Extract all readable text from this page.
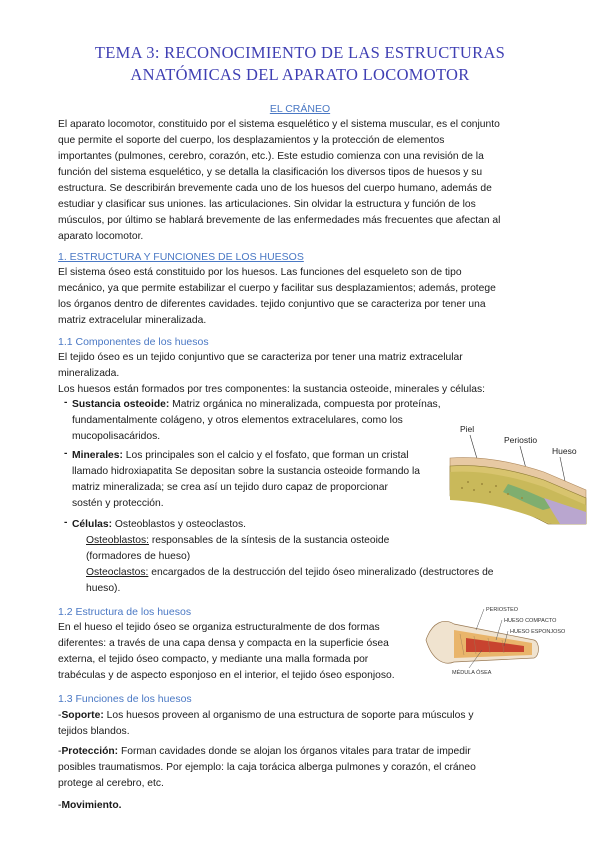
TEMA 3: RECONOCIMIENTO DE LAS ESTRUCTURAS
ANATÓMICAS DEL APARATO LOCOMOTOR
EL CRÁNEO

El aparato locomotor, constituido por el sistema esquelético y el sistema muscular, es el conjunto

que permite el soporte del cuerpo, los desplazamientos y la protección de elementos

importantes (pulmones, cerebro, corazón, etc.). Este estudio comienza con una revisión de la

función del sistema esquelético, y se detalla la clasificación los diversos tipos de huesos y su

estructura. Se describirán brevemente cada uno de los huesos del cuerpo humano, además de

estudiar y clasificar sus uniones. las articulaciones. Sin olvidar la estructura y función de los

músculos, por último se hablará brevemente de las enfermedades más frecuentes que afectan al

aparato locomotor.

1. ESTRUCTURA Y FUNCIONES DE LOS HUESOS

El sistema óseo está constituido por los huesos. Las funciones del esqueleto son de tipo

mecánico, ya que permite estabilizar el cuerpo y facilitar sus desplazamientos; además, protege

los órganos dentro de diferentes cavidades. tejido conjuntivo que se caracteriza por tener una

matriz extracelular mineralizada.

1.1 Componentes de los huesos

El tejido óseo es un tejido conjuntivo que se caracteriza por tener una matriz extracelular

mineralizada.

Los huesos están formados por tres componentes: la sustancia osteoide, minerales y células:

- Sustancia osteoide: Matriz orgánica no mineralizada, compuesta por proteínas,

fundamentalmente colágeno, y otros elementos extracelulares, como los

mucopolisacáridos.

- Minerales: Los principales son el calcio y el fosfato, que forman un cristal

llamado hidroxiapatita Se depositan sobre la sustancia osteoide formando la

matriz mineralizada; se crea así un tejido duro capaz de proporcionar

sostén y protección.

- Células: Osteoblastos y osteoclastos.

Osteoblastos: responsables de la síntesis de la sustancia osteoide

(formadores de hueso)

Osteoclastos: encargados de la destrucción del tejido óseo mineralizado (destructores de

hueso).

Piel
Periostio
Hueso
1.2 Estructura de los huesos

En el hueso el tejido óseo se organiza estructuralmente de dos formas

diferentes: a través de una capa densa y compacta en la superficie ósea

externa, el tejido óseo compacto, y mediante una malla formada por

trabéculas y de aspecto esponjoso en el interior, el tejido óseo esponjoso.

PERIOSTEO
HUESO COMPACTO
HUESO ESPONJOSO
MÉDULA ÓSEA
1.3 Funciones de los huesos

-Soporte: Los huesos proveen al organismo de una estructura de soporte para músculos y

tejidos blandos.

-Protección: Forman cavidades donde se alojan los órganos vitales para tratar de impedir

posibles traumatismos. Por ejemplo: la caja torácica alberga pulmones y corazón, el cráneo

protege al cerebro, etc.

-Movimiento.
